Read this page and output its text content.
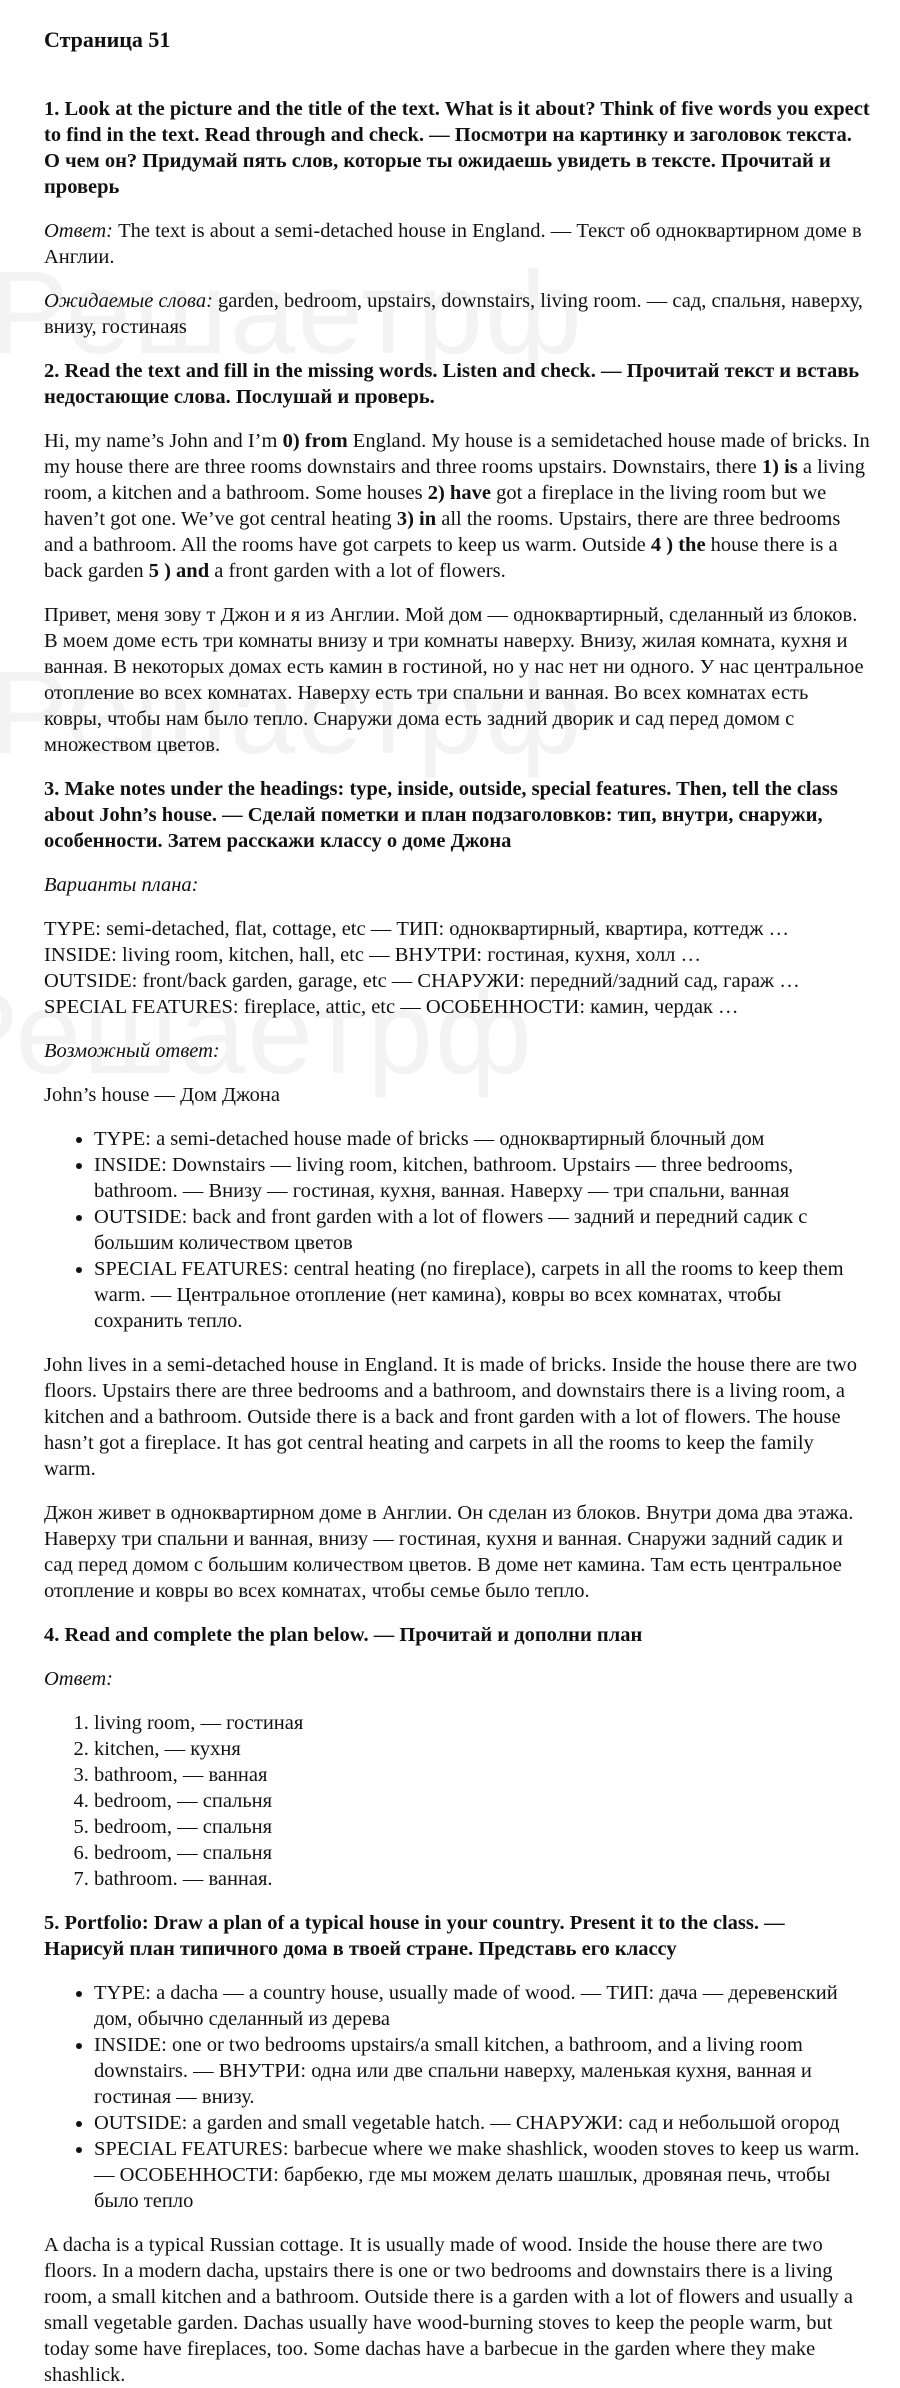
Страница 51

1. Look at the picture and the title of the text. What is it about? Think of five words you expect to find in the text. Read through and check. — Посмотри на картинку и заголовок текста. О чем он? Придумай пять слов, которые ты ожидаешь увидеть в тексте. Прочитай и проверь

Ответ: The text is about a semi-detached house in England. — Текст об одноквартирном доме в Англии.

Ожидаемые слова: garden, bedroom, upstairs, downstairs, living room. — сад, спальня, наверху, внизу, гостинаяs

2. Read the text and fill in the missing words. Listen and check. — Прочитай текст и вставь недостающие слова. Послушай и проверь.

Hi, my name’s John and I’m 0) from England. My house is a semidetached house made of bricks. In my house there are three rooms downstairs and three rooms upstairs. Downstairs, there 1) is a living room, a kitchen and a bathroom. Some houses 2) have got a fireplace in the living room but we haven’t got one. We’ve got central heating 3) in all the rooms. Upstairs, there are three bedrooms and a bathroom. All the rooms have got carpets to keep us warm. Outside 4 ) the house there is a back garden 5 ) and a front garden with a lot of flowers.

Привет, меня зову т Джон и я из Англии. Мой дом — одноквартирный, сделанный из блоков. В моем доме есть три комнаты внизу и три комнаты наверху. Внизу, жилая комната, кухня и ванная. В некоторых домах есть камин в гостиной, но у нас нет ни одного. У нас центральное отопление во всех комнатах. Наверху есть три спальни и ванная. Во всех комнатах есть ковры, чтобы нам было тепло. Снаружи дома есть задний дворик и сад перед домом с множеством цветов.

3. Make notes under the headings: type, inside, outside, special features. Then, tell the class about John’s house. — Сделай пометки и план подзаголовков: тип, внутри, снаружи, особенности. Затем расскажи классу о доме Джона

Варианты плана:

TYPE: semi-detached, flat, cottage, etc — ТИП: одноквартирный, квартира, коттедж …
INSIDE: living room, kitchen, hall, etc — ВНУТРИ: гостиная, кухня, холл …
OUTSIDE: front/back garden, garage, etc — СНАРУЖИ: передний/задний сад, гараж …
SPECIAL FEATURES: fireplace, attic, etc — ОСОБЕННОСТИ: камин, чердак …

Возможный ответ:

John’s house — Дом Джона

• TYPE: a semi-detached house made of bricks — одноквартирный блочный дом
• INSIDE: Downstairs — living room, kitchen, bathroom. Upstairs — three bedrooms, bathroom. — Внизу — гостиная, кухня, ванная. Наверху — три спальни, ванная
• OUTSIDE: back and front garden with a lot of flowers — задний и передний садик с большим количеством цветов
• SPECIAL FEATURES: central heating (no fireplace), carpets in all the rooms to keep them warm. — Центральное отопление (нет камина), ковры во всех комнатах, чтобы сохранить тепло.

John lives in a semi-detached house in England. It is made of bricks. Inside the house there are two floors. Upstairs there are three bedrooms and a bathroom, and downstairs there is a living room, a kitchen and a bathroom. Outside there is a back and front garden with a lot of flowers. The house hasn’t got a fireplace. It has got central heating and carpets in all the rooms to keep the family warm.

Джон живет в одноквартирном доме в Англии. Он сделан из блоков. Внутри дома два этажа. Наверху три спальни и ванная, внизу — гостиная, кухня и ванная. Снаружи задний садик и сад перед домом с большим количеством цветов. В доме нет камина. Там есть центральное отопление и ковры во всех комнатах, чтобы семье было тепло.

4. Read and complete the plan below. — Прочитай и дополни план

Ответ:

1. living room, — гостиная
2. kitchen, — кухня
3. bathroom, — ванная
4. bedroom, — спальня
5. bedroom, — спальня
6. bedroom, — спальня
7. bathroom. — ванная.

5. Portfolio: Draw a plan of a typical house in your country. Present it to the class. — Нарисуй план типичного дома в твоей стране. Представь его классу

• TYPE: a dacha — a country house, usually made of wood. — ТИП: дача — деревенский дом, обычно сделанный из дерева
• INSIDE: one or two bedrooms upstairs/a small kitchen, a bathroom, and a living room downstairs. — ВНУТРИ: одна или две спальни наверху, маленькая кухня, ванная и гостиная — внизу.
• OUTSIDE: a garden and small vegetable hatch. — СНАРУЖИ: сад и небольшой огород
• SPECIAL FEATURES: barbecue where we make shashlick, wooden stoves to keep us warm. — ОСОБЕННОСТИ: барбекю, где мы можем делать шашлык, дровяная печь, чтобы было тепло

A dacha is a typical Russian cottage. It is usually made of wood. Inside the house there are two floors. In a modern dacha, upstairs there is one or two bedrooms and downstairs there is a living room, a small kitchen and a bathroom. Outside there is a garden with a lot of flowers and usually a small vegetable garden. Dachas usually have wood-burning stoves to keep the people warm, but today some have fireplaces, too. Some dachas have a barbecue in the garden where they make shashlick.
